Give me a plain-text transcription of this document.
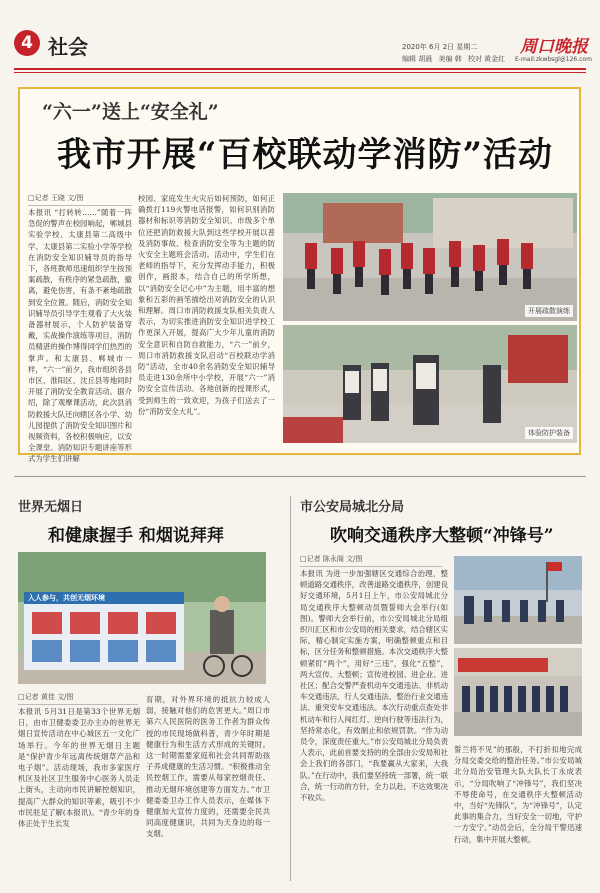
4 社会	2020年 6月 2日 星期二
编辑 胡晨 美编 韩 校对 黄金红
周口晚报
E-mail:zkwbsgl@126.com
“六一”送上“安全礼”
我市开展“百校联动学消防”活动
□记者 王晓 文/图
本报讯 “打转转……”随着一阵急促的警声在校园响起，郸城县实验学校、太康县第二高级中学、太康县第二实验小学等学校在消防安全知识辅导员的指导下，各班教师迅速组织学生按预案疏散，有秩序的紧急疏散，撤离，避免伤害，有条不紊地疏散到安全位置。随后，消防安全知识辅导员引导学生观看了大火装备器材展示，个人防护装备穿戴，实战操作演练等项目，消防员精湛的操作博得同学们热烈的掌声。和太康县、郸城市一样，“六一”前夕，我市组织各县市区、淮阳区、沈丘县等地同时开展了消防安全教育活动。据介绍，除了观摩课活动，此次县消防救援大队还向辖区各小学、幼儿园提供了消防安全知识图片和视频资料，各校积极响应，以安全课堂、消防知识专题讲座等形式为学生们讲解
校园、家庭发生火灾后如何预防，如何正确拨打119火警电话报警，如何识别消防器材和标识等消防安全知识。市级多个单位还把消防救援大队到这些学校开展以普及消防事故、检查消防安全等为主题的防火安全主题班会活动。活动中，学生们在老师的指导下，充分发挥动手能力，积极创作，画报本，结合自己的所学所想，以“消防安全记心中”为主题，用丰富的想象和五彩的画笔描绘出对消防安全的认识和理解。周口市消防救援支队相关负责人表示，为切实推进消防安全知识进学校工作更深入开展，提高广大少年儿童的消防安全意识和自防自救能力，“六一”前夕，周口市消防救援支队启动“百校联动学消防”活动，全市40余名消防安全知识辅导员走进130余所中小学校，开展“六一”消防安全宣传活动。各地创新的授课形式，受到师生的一致欢迎，为孩子们送去了一份“消防安全大礼”。
开展疏散演练
体验防护装备
世界无烟日
和健康握手 和烟说拜拜
入人参与，共创无烟环境
□记者 黄佳 文/图
本报讯 5月31日是第33个世界无烟日，由市卫健委委卫办主办的世界无烟日宣传活动在中心城区五一文化广场举行。今年的世界无烟日主题是“保护青少年远离传统烟草产品和电子烟”。活动现场，我市多家医疗机区及社区卫生服务中心医务人员走上街头，主动向市民讲解控烟知识，提高广大群众的知识等素，吸引不少市民驻足了解(本报讯)。“青少年的身体正处于生长发
育期，对外界环境的抵抗力较成人弱，接触对他们的危害更大。”周口市第六人民医院的医务工作者为群众传授的市民现场做科普，青少年时期是健康行为和生活方式形成的关键时。这一时期需要家庭和社会共同帮助孩子养成健康的生活习惯。“积极推动全民控烟工作，需要从每家控烟责任、推动无烟环境创建等方面发力。”市卫健委委卫办工作人员表示，在媒体下健康加大宣传力度的，还需要全民共同高度健康识，共同为天身边的每一支烟。
市公安局城北分局
吹响交通秩序大整顿“冲锋号”
□记者 陈永阁 文/图
本报讯 为进一步加强辖区交通综合治理，整顿道路交通秩序，改善道路交通秩序，创建良好交通环境，5月1日上午，市公安局城北分局交通秩序大整顿动员暨誓师大会举行(如图)。警师大会举行前，市公安局城北分局组织川汇区和市公安局的相关要求，结合辖区实际，精心制定实施方案，明确整顿重点和目标，区分任务和整顿措施。本次交通秩序大整顿紧盯“两个”，用好“三违”，强化“五整”，两大宣传、大整顿；宣传进校园、进企业、进社区；配合交警严查机动车交通违法、非机动车交通违法、行人交通违法、整治行业交通违法、重突安车交通违法。本次行动重点查处非机动车和行人闯红灯、逆向行驶等违法行为，坚持常态化，有效制止和依规罚款。“作为动员令，深度责任重大。”市公安局城北分局负责人表示，此前首要支持的的全部由公安局和社会上我们的各部门，“我要赢从大家来，大我队。”在行动中，我们要坚持统一部署，统一联合，统一行动的方针，全力以赴，不达效果决不收兵。
誓兰将不见”的那般，不打折扣地完成分局交委交给的整治任务。”市公安局城北分局治安管理大队大队长丁永成表示，“分局吹响了“冲锋号”，我们坚决不辱使命号，在交通秩序大整顿活动中，当好“先锋队”，为“冲锋号”，认定此事的集合力，当好安全一切地，守护一方安宁。”动员会后，全分局干警迅速行动，集中开展大整顿。
